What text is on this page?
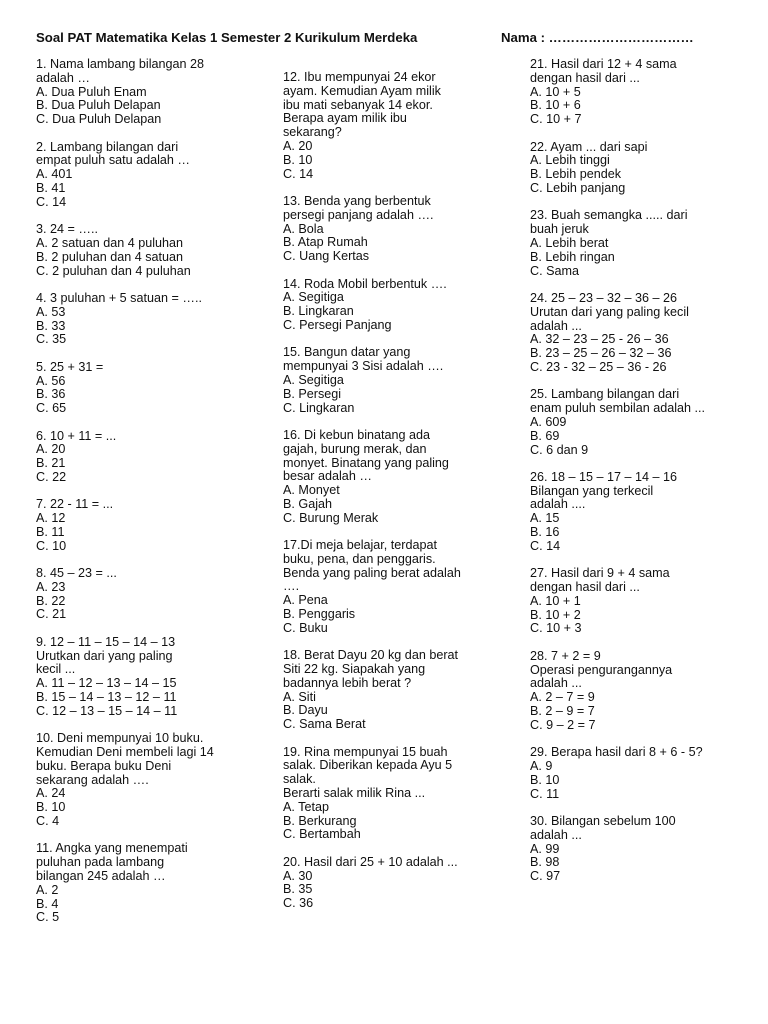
Soal PAT Matematika Kelas 1 Semester 2 Kurikulum Merdeka	Nama : ……………………………
1. Nama lambang bilangan 28
adalah …
A. Dua Puluh Enam
B. Dua Puluh Delapan
C. Dua Puluh Delapan
2. Lambang bilangan dari
empat puluh satu adalah …
A. 401
B. 41
C. 14
3. 24 = …..
A. 2 satuan dan 4 puluhan
B. 2 puluhan dan 4 satuan
C. 2 puluhan dan 4 puluhan
4. 3 puluhan + 5 satuan = …..
A. 53
B. 33
C. 35
5. 25 + 31 =
A. 56
B. 36
C. 65
6. 10 + 11 = ...
A. 20
B. 21
C. 22
7. 22 - 11 = ...
A. 12
B. 11
C. 10
8. 45 – 23 = ...
A. 23
B. 22
C. 21
9. 12 – 11 – 15 – 14 – 13
Urutkan dari yang paling
kecil ...
A. 11 – 12 – 13 – 14 – 15
B. 15 – 14 – 13 – 12 – 11
C. 12 – 13 – 15 – 14 – 11
10. Deni mempunyai 10 buku.
Kemudian Deni membeli lagi 14
buku. Berapa buku Deni
sekarang adalah ….
A. 24
B. 10
C. 4
11. Angka yang menempati
puluhan pada lambang
bilangan 245 adalah …
A. 2
B. 4
C. 5
12. Ibu mempunyai 24 ekor
ayam. Kemudian Ayam milik
ibu mati sebanyak 14 ekor.
Berapa ayam milik ibu
sekarang?
A. 20
B. 10
C. 14
13. Benda yang berbentuk
persegi panjang adalah ….
A. Bola
B. Atap Rumah
C. Uang Kertas
14. Roda Mobil berbentuk ….
A. Segitiga
B. Lingkaran
C. Persegi Panjang
15. Bangun datar yang
mempunyai 3 Sisi adalah ….
A. Segitiga
B. Persegi
C. Lingkaran
16. Di kebun binatang ada
gajah, burung merak, dan
monyet. Binatang yang paling
besar adalah …
A. Monyet
B. Gajah
C. Burung Merak
17.Di meja belajar, terdapat
buku, pena, dan penggaris.
Benda yang paling berat adalah
….
A. Pena
B. Penggaris
C. Buku
18. Berat Dayu 20 kg dan berat
Siti 22 kg. Siapakah yang
badannya lebih berat ?
A. Siti
B. Dayu
C. Sama Berat
19. Rina mempunyai 15 buah
salak. Diberikan kepada Ayu 5
salak.
Berarti salak milik Rina ...
A. Tetap
B. Berkurang
C. Bertambah
20. Hasil dari 25 + 10 adalah ...
A. 30
B. 35
C. 36
21. Hasil dari 12 + 4 sama
dengan hasil dari ...
A. 10 + 5
B. 10 + 6
C. 10 + 7
22. Ayam ... dari sapi
A. Lebih tinggi
B. Lebih pendek
C. Lebih panjang
23. Buah semangka ..... dari
buah jeruk
A. Lebih berat
B. Lebih ringan
C. Sama
24. 25 – 23 – 32 – 36 – 26
Urutan dari yang paling kecil
adalah ...
A. 32 – 23 – 25 - 26 – 36
B. 23 – 25 – 26 – 32 – 36
C. 23 - 32 – 25 – 36 - 26
25. Lambang bilangan dari
enam puluh sembilan adalah ...
A. 609
B. 69
C. 6 dan 9
26. 18 – 15 – 17 – 14 – 16
Bilangan yang terkecil
adalah ....
A. 15
B. 16
C. 14
27. Hasil dari 9 + 4 sama
dengan hasil dari ...
A. 10 + 1
B. 10 + 2
C. 10 + 3
28. 7 + 2 = 9
Operasi pengurangannya
adalah ...
A. 2 – 7 = 9
B. 2 – 9 = 7
C. 9 – 2 = 7
29. Berapa hasil dari 8 + 6 - 5?
A. 9
B. 10
C. 11
30. Bilangan sebelum 100
adalah ...
A. 99
B. 98
C. 97
